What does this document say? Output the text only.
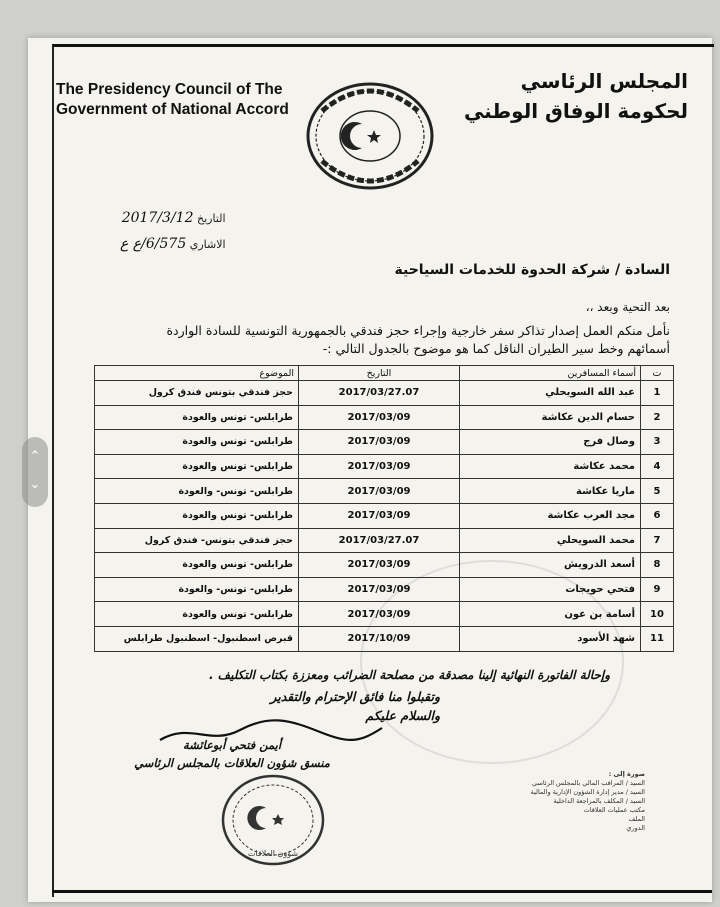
The Presidency Council of The
Government of National Accord
المجلس الرئاسي
لحكومة الوفاق الوطني
التاريخ 2017/3/12
الاشاري 6/575/ع ع
السادة / شركة الحدوة للخدمات السياحية
بعد التحية وبعد ،،
نأمل منكم العمل إصدار تذاكر سفر خارجية وإجراء حجز فندقي بالجمهورية التونسية للسادة الواردة
أسمائهم وخط سير الطيران الناقل كما هو موضوح بالجدول التالي :-
ت	أسماء المسافرين	التاريخ	الموضوع
1	عبد الله السويحلي	2017/03/27.07	حجز فندقي بتونس فندق كرول
2	حسام الدين عكاشة	2017/03/09	طرابلس- تونس والعودة
3	وصال فرج	2017/03/09	طرابلس- تونس والعودة
4	محمد عكاشة	2017/03/09	طرابلس- تونس والعودة
5	ماريا عكاشة	2017/03/09	طرابلس- تونس- والعودة
6	مجد العرب عكاشة	2017/03/09	طرابلس- تونس والعودة
7	محمد السويحلي	2017/03/27.07	حجز فندقي بتونس- فندق كرول
8	أسعد الدرويش	2017/03/09	طرابلس- تونس والعودة
9	فتحي حويجات	2017/03/09	طرابلس- تونس- والعودة
10	أسامة بن عون	2017/03/09	طرابلس- تونس والعودة
11	شهد الأسود	2017/10/09	قبرص اسطنبول- اسطنبول طرابلس
وتقبلوا منا فائق الإحترام والتقدير
والسلام عليكم
وإحالة الفاتورة النهائية إلينا مصدقة من مصلحة الضرائب ومعززة بكتاب التكليف .
أيمن فتحي أبوعائشة
منسق شؤون العلاقات بالمجلس الرئاسي
شؤون العلاقات
صورة إلى :
السيد / المراقب المالي بالمجلس الرئاسي
السيد / مدير إدارة الشؤون الإدارية والمالية
السيد / المكلف بالمراجعة الداخلية
مكتب عمليات العلاقات
الملف
الدوري
⌃
⌄
